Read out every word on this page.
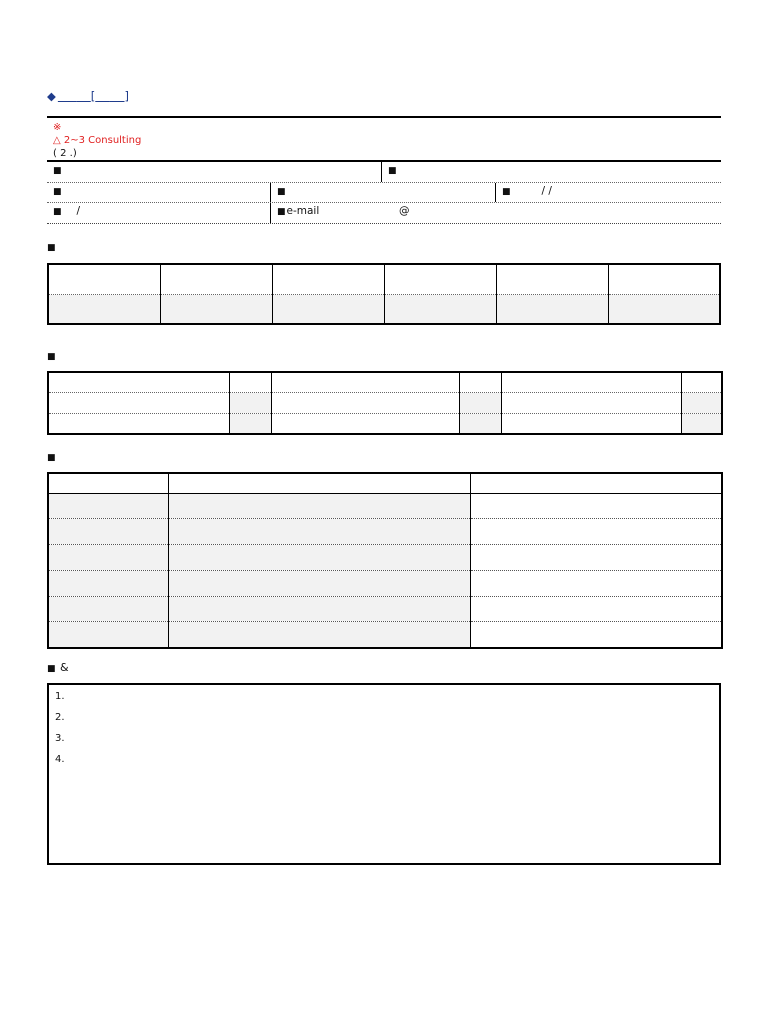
◆	[	]
※
△ 2~3 Consulting
( 2 .)
■	■
■	■	■	/ /
■ /	■e-mail	@
■

■

■

■ &
1.
2.
3.
4.
